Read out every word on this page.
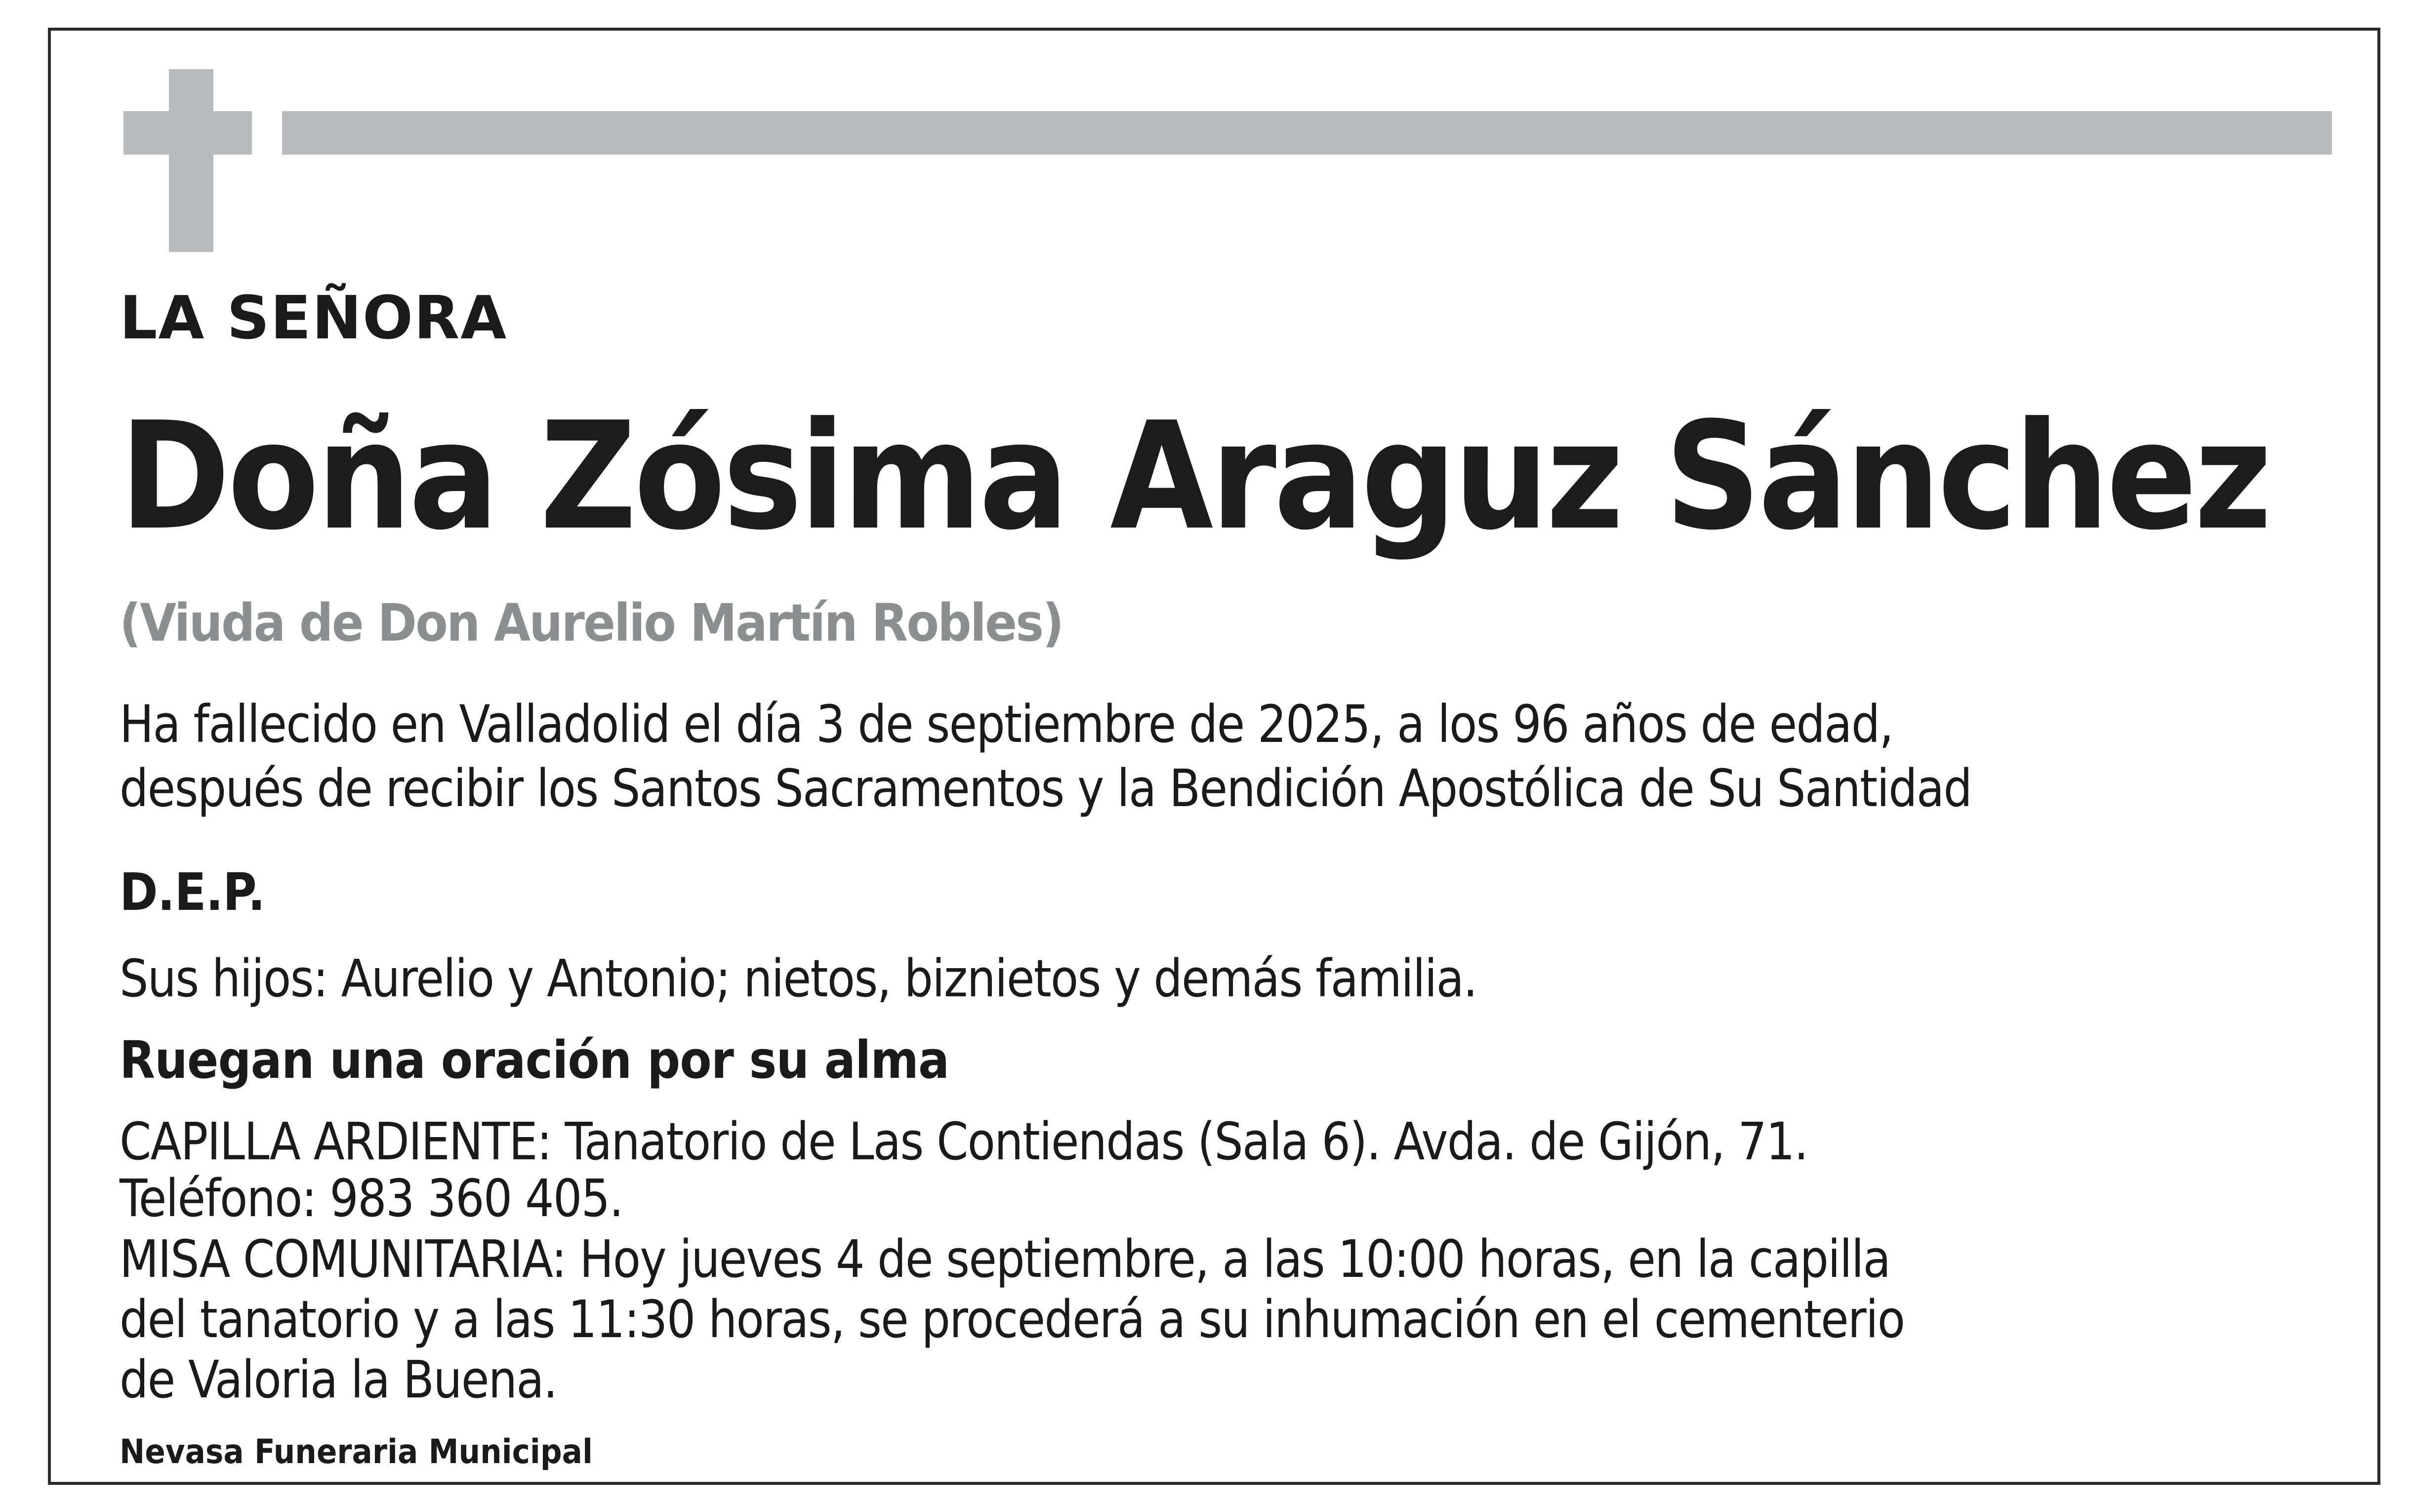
LA SEÑORA
Doña Zósima Araguz Sánchez
(Viuda de Don Aurelio Martín Robles)
Ha fallecido en Valladolid el día 3 de septiembre de 2025, a los 96 años de edad,
después de recibir los Santos Sacramentos y la Bendición Apostólica de Su Santidad
D.E.P.
Sus hijos: Aurelio y Antonio; nietos, biznietos y demás familia.
Ruegan una oración por su alma
CAPILLA ARDIENTE: Tanatorio de Las Contiendas (Sala 6). Avda. de Gijón, 71.
Teléfono: 983 360 405.
MISA COMUNITARIA: Hoy jueves 4 de septiembre, a las 10:00 horas, en la capilla
del tanatorio y a las 11:30 horas, se procederá a su inhumación en el cementerio
de Valoria la Buena.
Nevasa Funeraria Municipal
